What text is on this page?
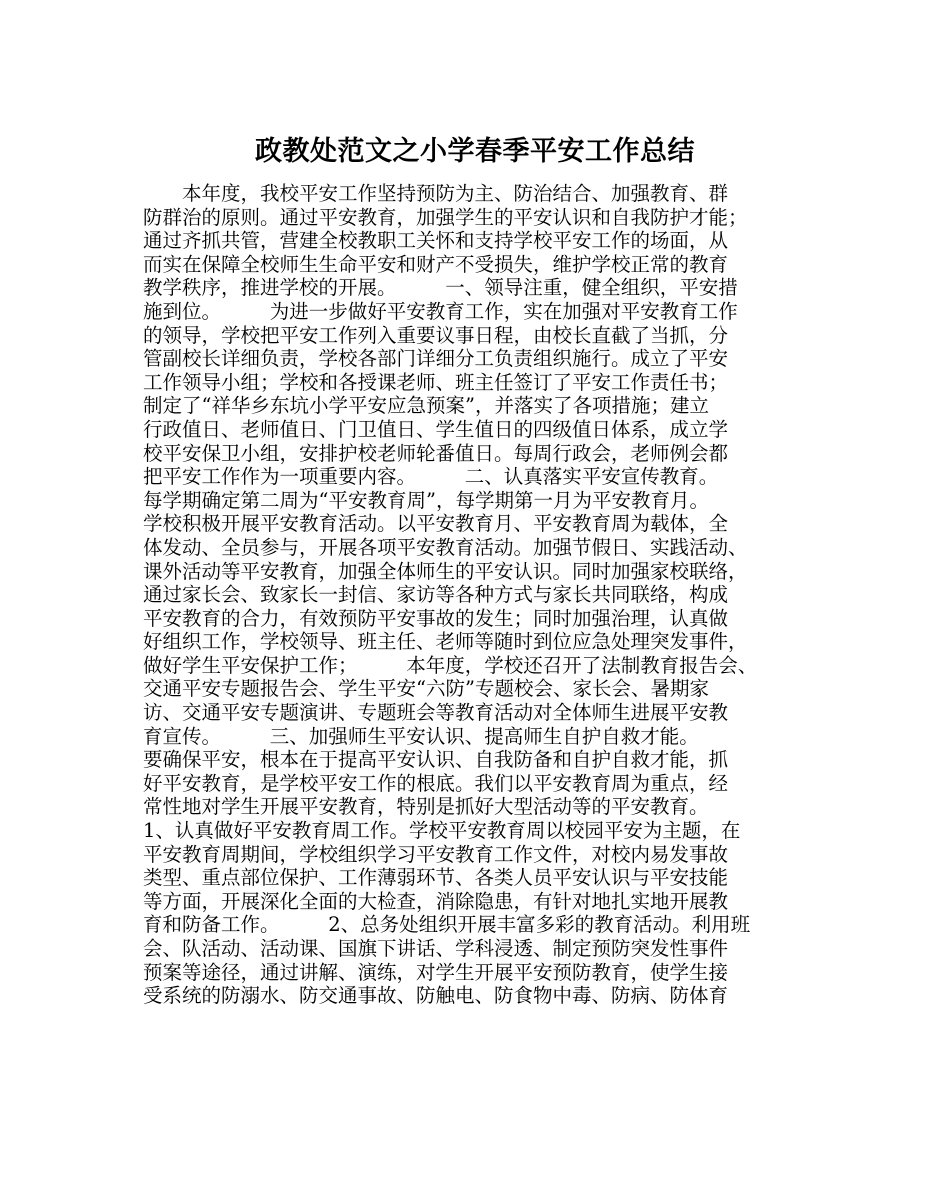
政教处范文之小学春季平安工作总结
　　本年度，我校平安工作坚持预防为主、防治结合、加强教育、群
防群治的原则。通过平安教育，加强学生的平安认识和自我防护才能；
通过齐抓共管，营建全校教职工关怀和支持学校平安工作的场面，从
而实在保障全校师生生命平安和财产不受损失，维护学校正常的教育
教学秩序，推进学校的开展。　　　一、领导注重，健全组织，平安措
施到位。　　　为进一步做好平安教育工作，实在加强对平安教育工作
的领导，学校把平安工作列入重要议事日程，由校长直截了当抓，分
管副校长详细负责，学校各部门详细分工负责组织施行。成立了平安
工作领导小组；学校和各授课老师、班主任签订了平安工作责任书；
制定了“祥华乡东坑小学平安应急预案”，并落实了各项措施；建立
行政值日、老师值日、门卫值日、学生值日的四级值日体系，成立学
校平安保卫小组，安排护校老师轮番值日。每周行政会，老师例会都
把平安工作作为一项重要内容。　　　二、认真落实平安宣传教育。
每学期确定第二周为“平安教育周”，每学期第一月为平安教育月。
学校积极开展平安教育活动。以平安教育月、平安教育周为载体，全
体发动、全员参与，开展各项平安教育活动。加强节假日、实践活动、
课外活动等平安教育，加强全体师生的平安认识。同时加强家校联络，
通过家长会、致家长一封信、家访等各种方式与家长共同联络，构成
平安教育的合力，有效预防平安事故的发生；同时加强治理，认真做
好组织工作，学校领导、班主任、老师等随时到位应急处理突发事件，
做好学生平安保护工作；　　　本年度，学校还召开了法制教育报告会、
交通平安专题报告会、学生平安“六防”专题校会、家长会、暑期家
访、交通平安专题演讲、专题班会等教育活动对全体师生进展平安教
育宣传。　　　三、加强师生平安认识、提高师生自护自救才能。
要确保平安，根本在于提高平安认识、自我防备和自护自救才能，抓
好平安教育，是学校平安工作的根底。我们以平安教育周为重点，经
常性地对学生开展平安教育，特别是抓好大型活动等的平安教育。
1、认真做好平安教育周工作。学校平安教育周以校园平安为主题，在
平安教育周期间，学校组织学习平安教育工作文件，对校内易发事故
类型、重点部位保护、工作薄弱环节、各类人员平安认识与平安技能
等方面，开展深化全面的大检查，消除隐患，有针对地扎实地开展教
育和防备工作。　　　2、总务处组织开展丰富多彩的教育活动。利用班
会、队活动、活动课、国旗下讲话、学科浸透、制定预防突发性事件
预案等途径，通过讲解、演练，对学生开展平安预防教育，使学生接
受系统的防溺水、防交通事故、防触电、防食物中毒、防病、防体育
